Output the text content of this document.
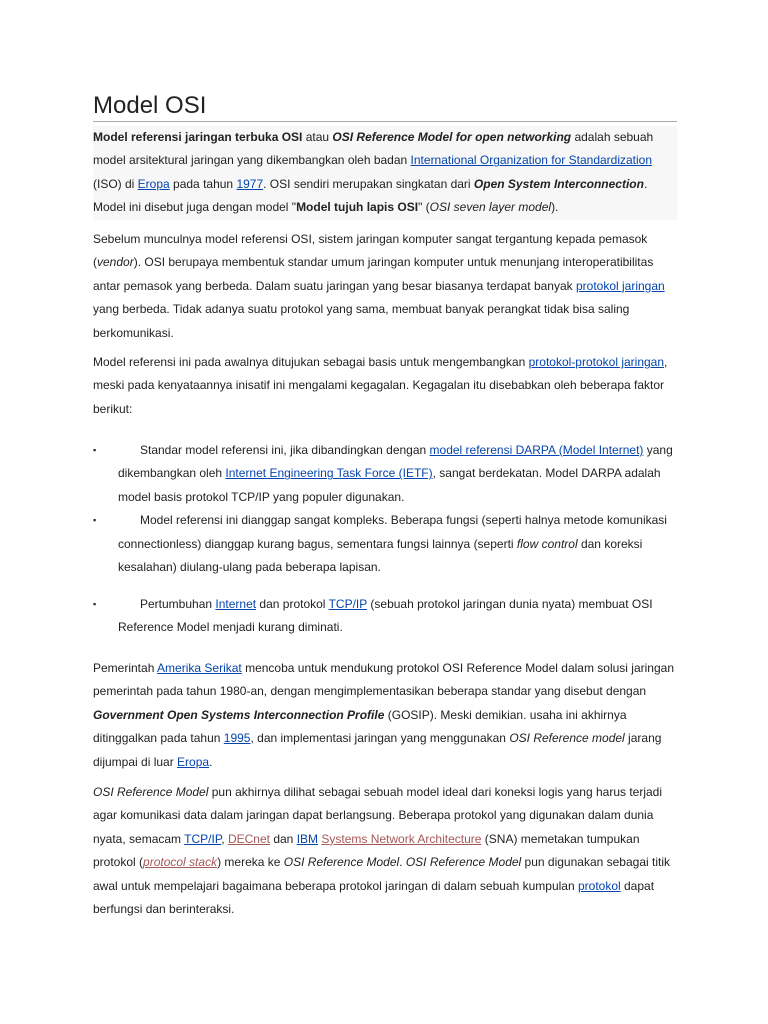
Model OSI

Model referensi jaringan terbuka OSI atau OSI Reference Model for open networking adalah sebuah model arsitektural jaringan yang dikembangkan oleh badan International Organization for Standardization (ISO) di Eropa pada tahun 1977. OSI sendiri merupakan singkatan dari Open System Interconnection. Model ini disebut juga dengan model "Model tujuh lapis OSI" (OSI seven layer model).

Sebelum munculnya model referensi OSI, sistem jaringan komputer sangat tergantung kepada pemasok (vendor). OSI berupaya membentuk standar umum jaringan komputer untuk menunjang interoperatibilitas antar pemasok yang berbeda. Dalam suatu jaringan yang besar biasanya terdapat banyak protokol jaringan yang berbeda. Tidak adanya suatu protokol yang sama, membuat banyak perangkat tidak bisa saling berkomunikasi.

Model referensi ini pada awalnya ditujukan sebagai basis untuk mengembangkan protokol-protokol jaringan, meski pada kenyataannya inisatif ini mengalami kegagalan. Kegagalan itu disebabkan oleh beberapa faktor berikut:

▪	Standar model referensi ini, jika dibandingkan dengan model referensi DARPA (Model Internet) yang dikembangkan oleh Internet Engineering Task Force (IETF), sangat berdekatan. Model DARPA adalah model basis protokol TCP/IP yang populer digunakan.
▪	Model referensi ini dianggap sangat kompleks. Beberapa fungsi (seperti halnya metode komunikasi connectionless) dianggap kurang bagus, sementara fungsi lainnya (seperti flow control dan koreksi kesalahan) diulang-ulang pada beberapa lapisan.
▪	Pertumbuhan Internet dan protokol TCP/IP (sebuah protokol jaringan dunia nyata) membuat OSI Reference Model menjadi kurang diminati.

Pemerintah Amerika Serikat mencoba untuk mendukung protokol OSI Reference Model dalam solusi jaringan pemerintah pada tahun 1980-an, dengan mengimplementasikan beberapa standar yang disebut dengan Government Open Systems Interconnection Profile (GOSIP). Meski demikian. usaha ini akhirnya ditinggalkan pada tahun 1995, dan implementasi jaringan yang menggunakan OSI Reference model jarang dijumpai di luar Eropa.

OSI Reference Model pun akhirnya dilihat sebagai sebuah model ideal dari koneksi logis yang harus terjadi agar komunikasi data dalam jaringan dapat berlangsung. Beberapa protokol yang digunakan dalam dunia nyata, semacam TCP/IP, DECnet dan IBM Systems Network Architecture (SNA) memetakan tumpukan protokol (protocol stack) mereka ke OSI Reference Model. OSI Reference Model pun digunakan sebagai titik awal untuk mempelajari bagaimana beberapa protokol jaringan di dalam sebuah kumpulan protokol dapat berfungsi dan berinteraksi.
